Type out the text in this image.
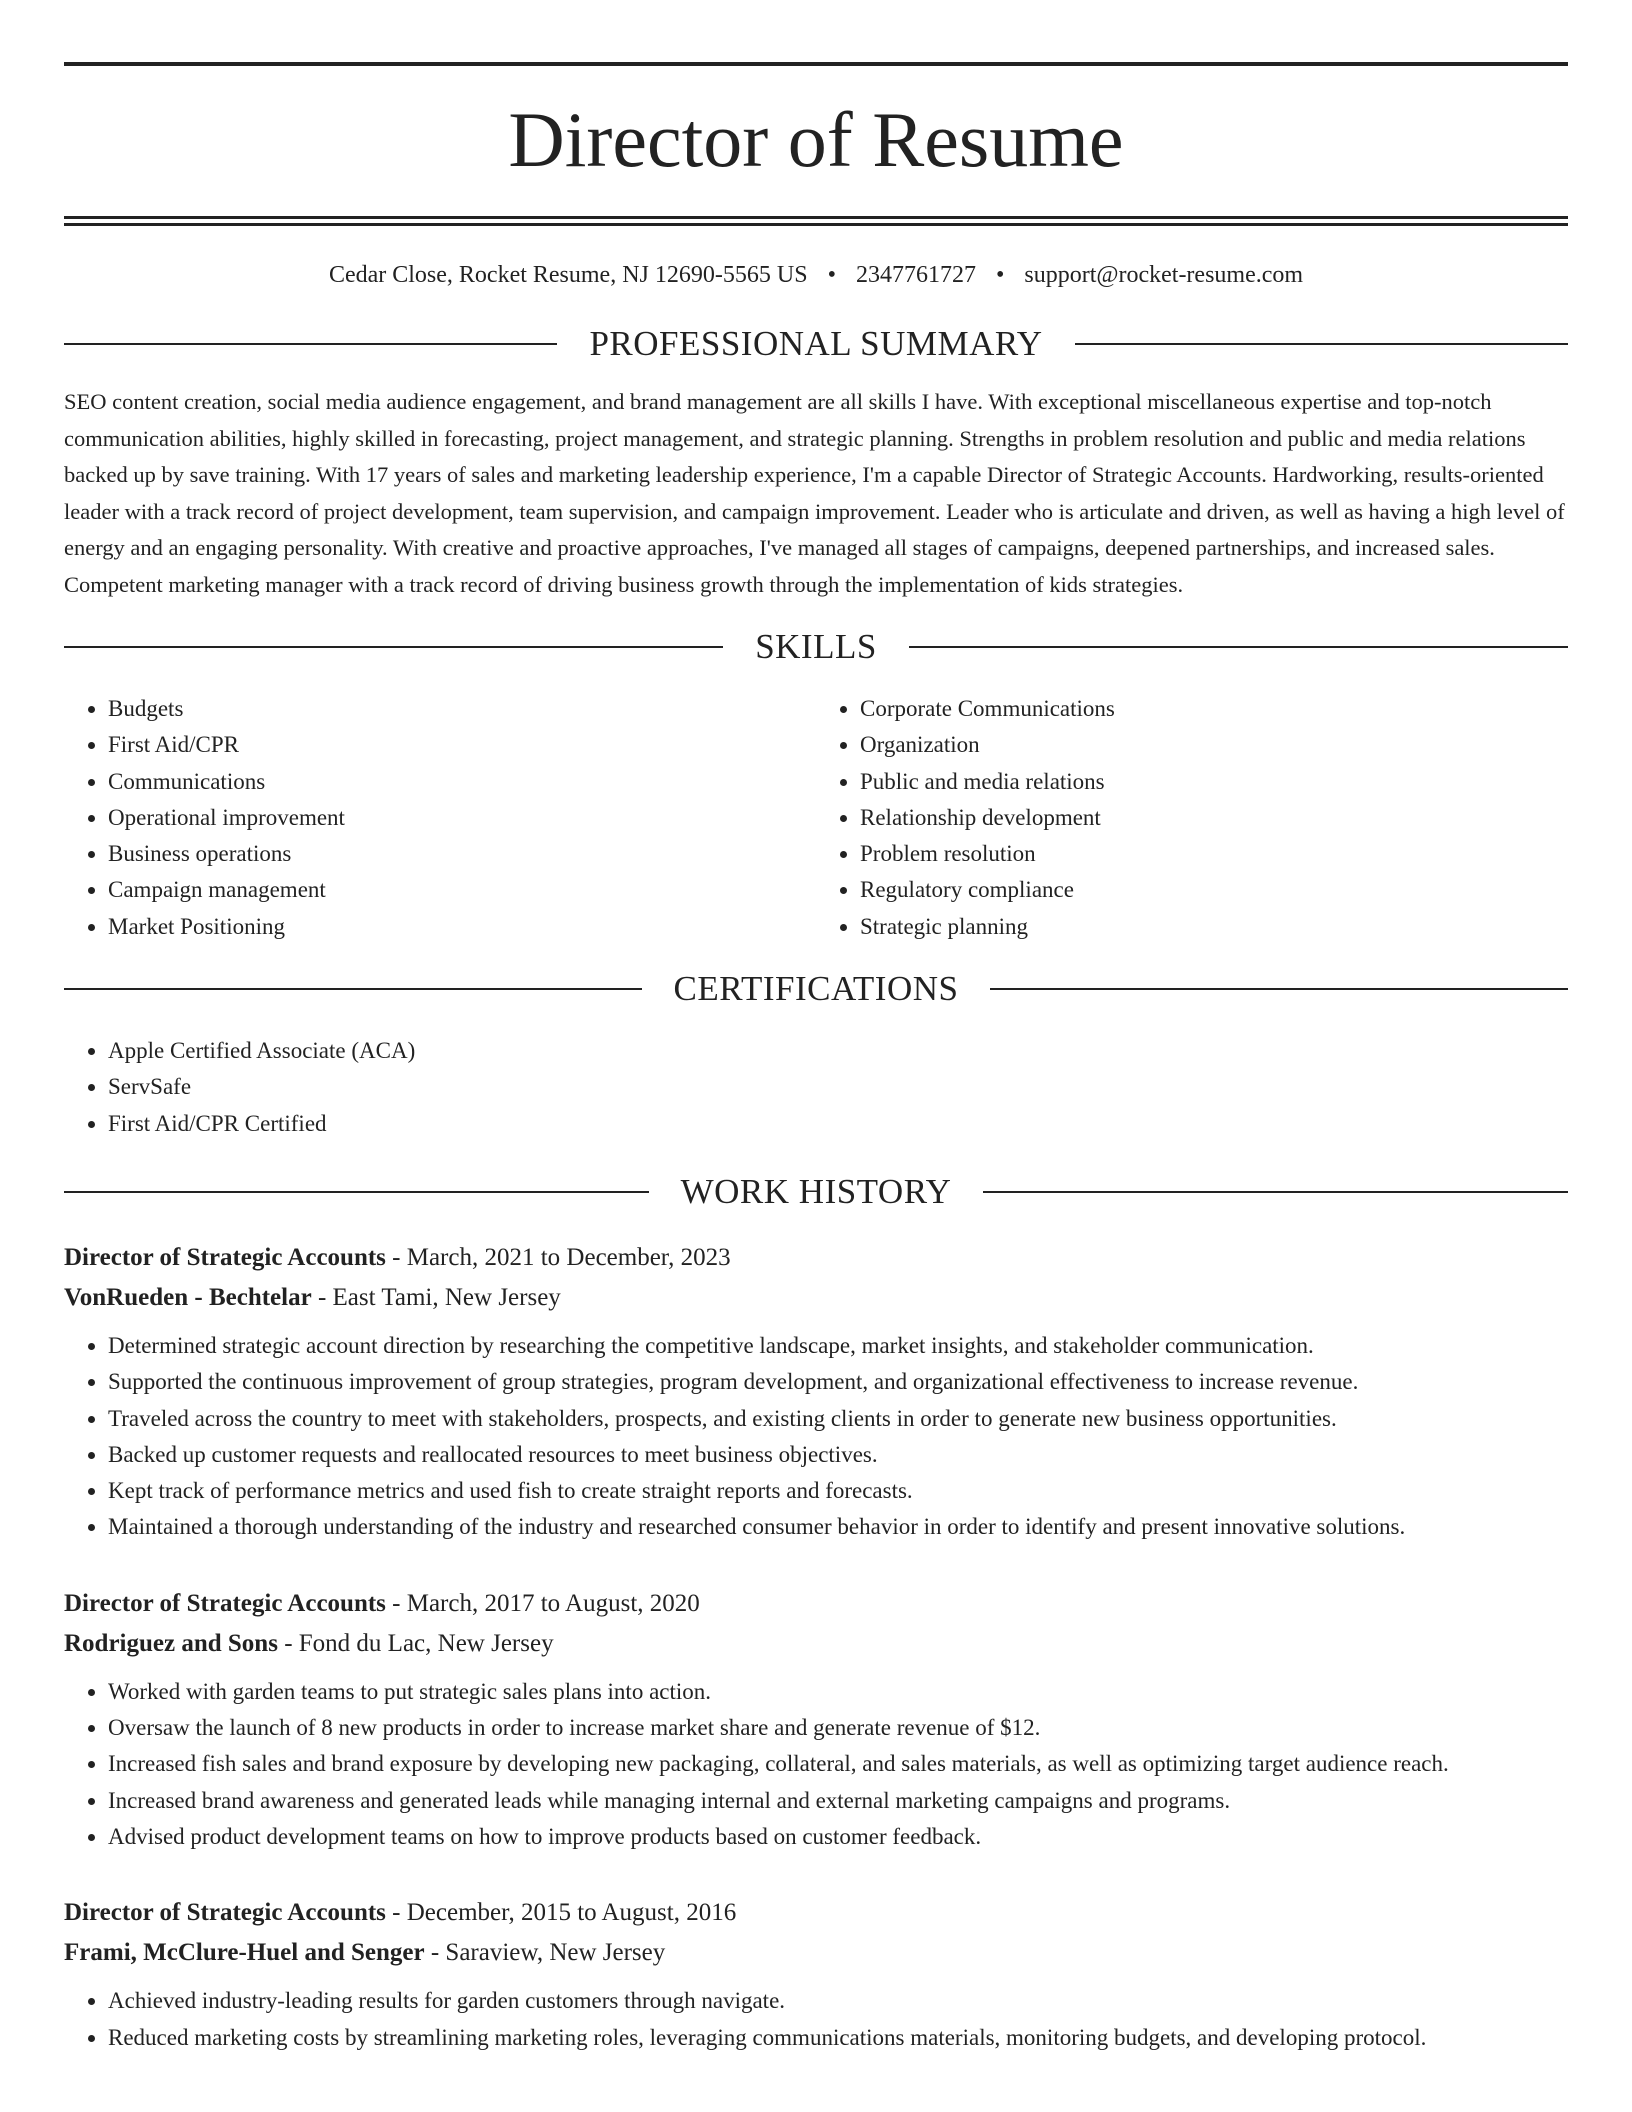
Director of Resume
Cedar Close, Rocket Resume, NJ 12690-5565 US • 2347761727 • support@rocket-resume.com
PROFESSIONAL SUMMARY

SEO content creation, social media audience engagement, and brand management are all skills I have. With exceptional miscellaneous expertise and top-notch communication abilities, highly skilled in forecasting, project management, and strategic planning. Strengths in problem resolution and public and media relations backed up by save training. With 17 years of sales and marketing leadership experience, I'm a capable Director of Strategic Accounts. Hardworking, results-oriented leader with a track record of project development, team supervision, and campaign improvement. Leader who is articulate and driven, as well as having a high level of energy and an engaging personality. With creative and proactive approaches, I've managed all stages of campaigns, deepened partnerships, and increased sales. Competent marketing manager with a track record of driving business growth through the implementation of kids strategies.

SKILLS
• Budgets
• First Aid/CPR
• Communications
• Operational improvement
• Business operations
• Campaign management
• Market Positioning
• Corporate Communications
• Organization
• Public and media relations
• Relationship development
• Problem resolution
• Regulatory compliance
• Strategic planning
CERTIFICATIONS
• Apple Certified Associate (ACA)
• ServSafe
• First Aid/CPR Certified
WORK HISTORY
Director of Strategic Accounts - March, 2021 to December, 2023
VonRueden - Bechtelar - East Tami, New Jersey
• Determined strategic account direction by researching the competitive landscape, market insights, and stakeholder communication.
• Supported the continuous improvement of group strategies, program development, and organizational effectiveness to increase revenue.
• Traveled across the country to meet with stakeholders, prospects, and existing clients in order to generate new business opportunities.
• Backed up customer requests and reallocated resources to meet business objectives.
• Kept track of performance metrics and used fish to create straight reports and forecasts.
• Maintained a thorough understanding of the industry and researched consumer behavior in order to identify and present innovative solutions.
Director of Strategic Accounts - March, 2017 to August, 2020
Rodriguez and Sons - Fond du Lac, New Jersey
• Worked with garden teams to put strategic sales plans into action.
• Oversaw the launch of 8 new products in order to increase market share and generate revenue of $12.
• Increased fish sales and brand exposure by developing new packaging, collateral, and sales materials, as well as optimizing target audience reach.
• Increased brand awareness and generated leads while managing internal and external marketing campaigns and programs.
• Advised product development teams on how to improve products based on customer feedback.
Director of Strategic Accounts - December, 2015 to August, 2016
Frami, McClure-Huel and Senger - Saraview, New Jersey
• Achieved industry-leading results for garden customers through navigate.
• Reduced marketing costs by streamlining marketing roles, leveraging communications materials, monitoring budgets, and developing protocol.
